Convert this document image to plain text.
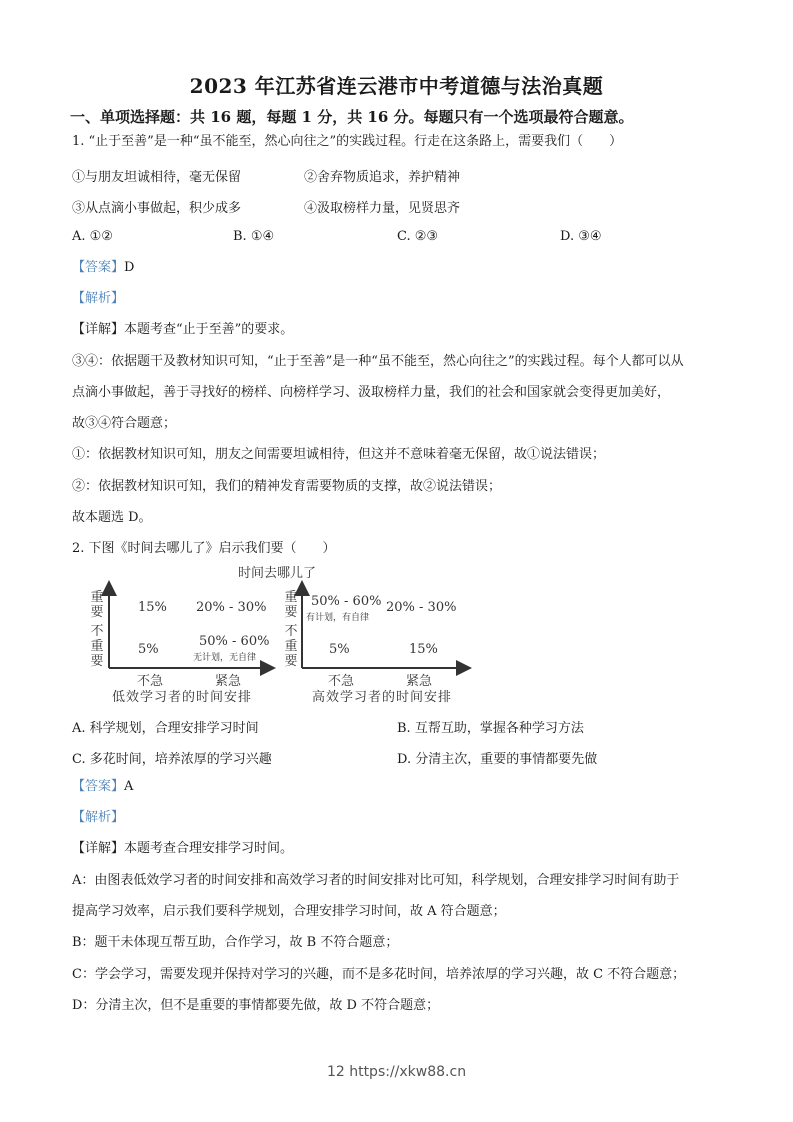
2023 年江苏省连云港市中考道德与法治真题
一、单项选择题：共 16 题，每题 1 分，共 16 分。每题只有一个选项最符合题意。
1. “止于至善”是一种“虽不能至，然心向往之”的实践过程。行走在这条路上，需要我们（　　）
①与朋友坦诚相待，毫无保留	②舍弃物质追求，养护精神
③从点滴小事做起，积少成多	④汲取榜样力量，见贤思齐
A. ①②	B. ①④	C. ②③	D. ③④
【答案】D
【解析】
【详解】本题考查“止于至善”的要求。
③④：依据题干及教材知识可知，“止于至善”是一种“虽不能至，然心向往之”的实践过程。每个人都可以从
点滴小事做起，善于寻找好的榜样、向榜样学习、汲取榜样力量，我们的社会和国家就会变得更加美好，
故③④符合题意；
①：依据教材知识可知，朋友之间需要坦诚相待，但这并不意味着毫无保留，故①说法错误；
②：依据教材知识可知，我们的精神发育需要物质的支撑，故②说法错误；
故本题选 D。
2. 下图《时间去哪儿了》启示我们要（　　）
时间去哪儿了
重要
不重要
15% 20% - 30%
5%
50% - 60%
无计划，无自律
不急	紧急
低效学习者的时间安排
重要
不重要
50% - 60%
有计划，有自律
20% - 30%
5%	15%
不急	紧急
高效学习者的时间安排
A. 科学规划，合理安排学习时间	B. 互帮互助，掌握各种学习方法
C. 多花时间，培养浓厚的学习兴趣	D. 分清主次，重要的事情都要先做
【答案】A
【解析】
【详解】本题考查合理安排学习时间。
A：由图表低效学习者的时间安排和高效学习者的时间安排对比可知，科学规划，合理安排学习时间有助于
提高学习效率，启示我们要科学规划，合理安排学习时间，故 A 符合题意；
B：题干未体现互帮互助，合作学习，故 B 不符合题意；
C：学会学习，需要发现并保持对学习的兴趣，而不是多花时间，培养浓厚的学习兴趣，故 C 不符合题意；
D：分清主次，但不是重要的事情都要先做，故 D 不符合题意；
12 https://xkw88.cn
